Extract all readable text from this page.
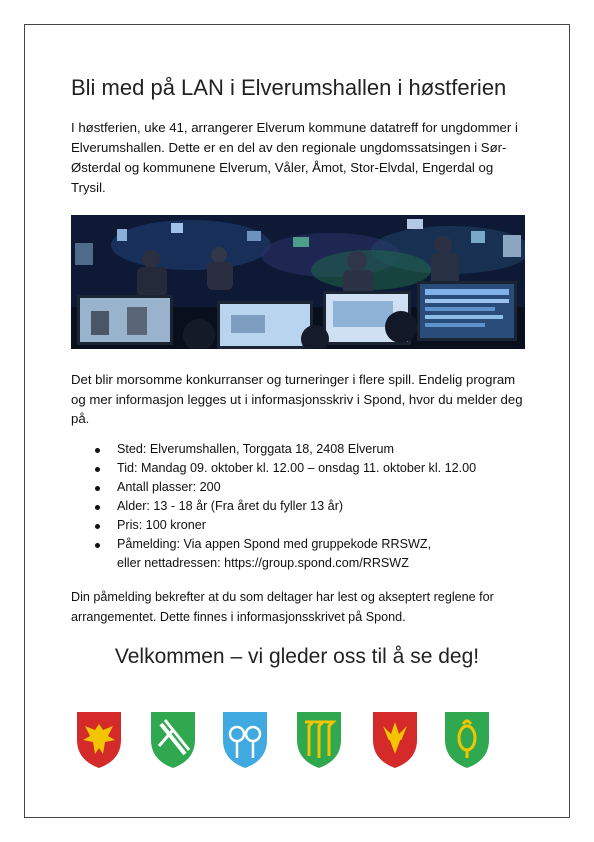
Bli med på LAN i Elverumshallen i høstferien

I høstferien, uke 41, arrangerer Elverum kommune datatreff for ungdommer i Elverumshallen. Dette er en del av den regionale ungdomssatsingen i Sør-Østerdal og kommunene Elverum, Våler, Åmot, Stor-Elvdal, Engerdal og Trysil.

Det blir morsomme konkurranser og turneringer i flere spill. Endelig program og mer informasjon legges ut i informasjonsskriv i Spond, hvor du melder deg på.

Sted: Elverumshallen, Torggata 18, 2408 Elverum
Tid: Mandag 09. oktober kl. 12.00 – onsdag 11. oktober kl. 12.00
Antall plasser: 200
Alder: 13 - 18 år (Fra året du fyller 13 år)
Pris: 100 kroner
Påmelding: Via appen Spond med gruppekode RRSWZ,
eller nettadressen: https://group.spond.com/RRSWZ

Din påmelding bekrefter at du som deltager har lest og akseptert reglene for arrangementet. Dette finnes i informasjonsskrivet på Spond.

Velkommen – vi gleder oss til å se deg!
